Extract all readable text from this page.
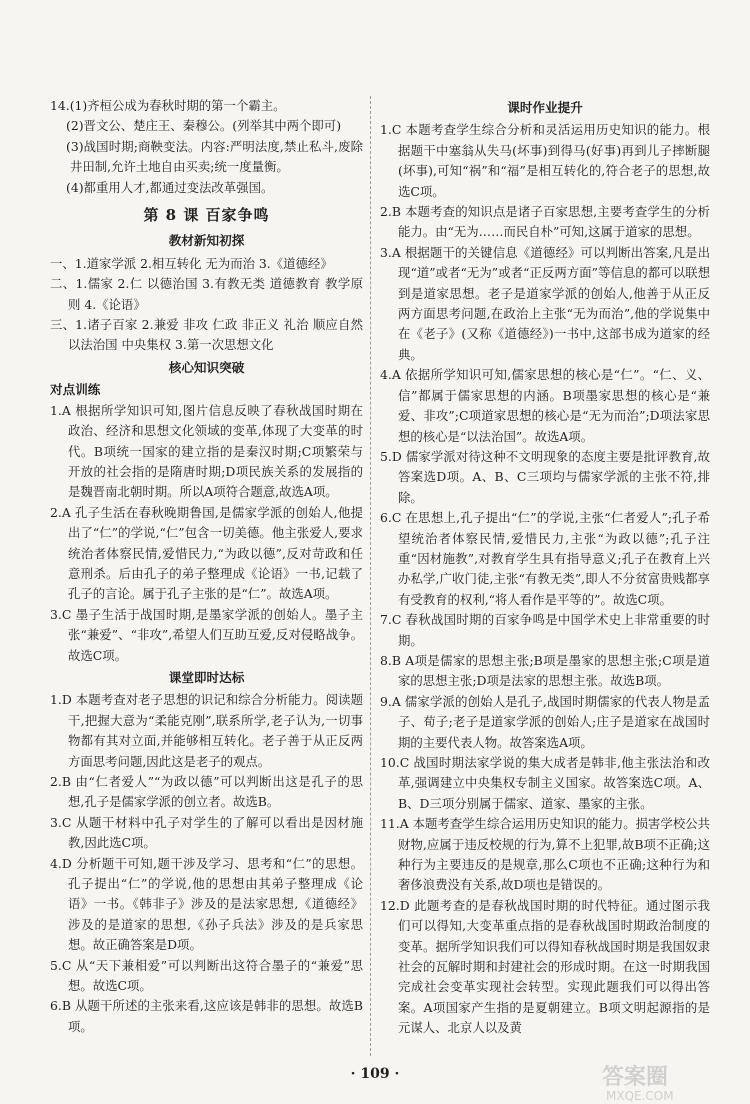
14.(1)齐桓公成为春秋时期的第一个霸主。

(2)晋文公、楚庄王、秦穆公。(列举其中两个即可)

(3)战国时期;商鞅变法。内容:严明法度,禁止私斗,废除井田制,允许土地自由买卖;统一度量衡。

(4)都重用人才,都通过变法改革强国。

第 8 课 百家争鸣
教材新知初探

一、1.道家学派 2.相互转化 无为而治 3.《道德经》

二、1.儒家 2.仁 以德治国 3.有教无类 道德教育 教学原则 4.《论语》

三、1.诸子百家 2.兼爱 非攻 仁政 非正义 礼治 顺应自然 以法治国 中央集权 3.第一次思想文化

核心知识突破
对点训练

1.A 根据所学知识可知,图片信息反映了春秋战国时期在政治、经济和思想文化领域的变革,体现了大变革的时代。B项统一国家的建立指的是秦汉时期;C项繁荣与开放的社会指的是隋唐时期;D项民族关系的发展指的是魏晋南北朝时期。所以A项符合题意,故选A项。

2.A 孔子生活在春秋晚期鲁国,是儒家学派的创始人,他提出了“仁”的学说,“仁”包含一切美德。他主张爱人,要求统治者体察民情,爱惜民力,“为政以德”,反对苛政和任意刑杀。后由孔子的弟子整理成《论语》一书,记载了孔子的言论。属于孔子主张的是“仁”。故选A项。

3.C 墨子生活于战国时期,是墨家学派的创始人。墨子主张“兼爱”、“非攻”,希望人们互助互爱,反对侵略战争。故选C项。

课堂即时达标

1.D 本题考查对老子思想的识记和综合分析能力。阅读题干,把握大意为“柔能克刚”,联系所学,老子认为,一切事物都有其对立面,并能够相互转化。老子善于从正反两方面思考问题,因此这是老子的观点。

2.B 由“仁者爱人”“为政以德”可以判断出这是孔子的思想,孔子是儒家学派的创立者。故选B。

3.C 从题干材料中孔子对学生的了解可以看出是因材施教,因此选C项。

4.D 分析题干可知,题干涉及学习、思考和“仁”的思想。孔子提出“仁”的学说,他的思想由其弟子整理成《论语》一书。《韩非子》涉及的是法家思想,《道德经》涉及的是道家的思想,《孙子兵法》涉及的是兵家思想。故正确答案是D项。

5.C 从“天下兼相爱”可以判断出这符合墨子的“兼爱”思想。故选C项。

6.B 从题干所述的主张来看,这应该是韩非的思想。故选B项。

课时作业提升

1.C 本题考查学生综合分析和灵活运用历史知识的能力。根据题干中塞翁从失马(坏事)到得马(好事)再到儿子摔断腿(坏事),可知“祸”和“福”是相互转化的,符合老子的思想,故选C项。

2.B 本题考查的知识点是诸子百家思想,主要考查学生的分析能力。由“无为……而民自朴”可知,这属于道家的思想。

3.A 根据题干的关键信息《道德经》可以判断出答案,凡是出现“道”或者“无为”或者“正反两方面”等信息的都可以联想到是道家思想。老子是道家学派的创始人,他善于从正反两方面思考问题,在政治上主张“无为而治”,他的学说集中在《老子》(又称《道德经》)一书中,这部书成为道家的经典。

4.A 依据所学知识可知,儒家思想的核心是“仁”。“仁、义、信”都属于儒家思想的内涵。B项墨家思想的核心是“兼爱、非攻”;C项道家思想的核心是“无为而治”;D项法家思想的核心是“以法治国”。故选A项。

5.D 儒家学派对待这种不文明现象的态度主要是批评教育,故答案选D项。A、B、C三项均与儒家学派的主张不符,排除。

6.C 在思想上,孔子提出“仁”的学说,主张“仁者爱人”;孔子希望统治者体察民情,爱惜民力,主张“为政以德”;孔子注重“因材施教”,对教育学生具有指导意义;孔子在教育上兴办私学,广收门徒,主张“有教无类”,即人不分贫富贵贱都享有受教育的权利,“将人看作是平等的”。故选C项。

7.C 春秋战国时期的百家争鸣是中国学术史上非常重要的时期。

8.B A项是儒家的思想主张;B项是墨家的思想主张;C项是道家的思想主张;D项是法家的思想主张。故选B项。

9.A 儒家学派的创始人是孔子,战国时期儒家的代表人物是孟子、荀子;老子是道家学派的创始人;庄子是道家在战国时期的主要代表人物。故答案选A项。

10.C 战国时期法家学说的集大成者是韩非,他主张法治和改革,强调建立中央集权专制主义国家。故答案选C项。A、B、D三项分别属于儒家、道家、墨家的主张。

11.A 本题考查学生综合运用历史知识的能力。损害学校公共财物,应属于违反校规的行为,算不上犯罪,故B项不正确;这种行为主要违反的是规章,那么C项也不正确;这种行为和奢侈浪费没有关系,故D项也是错误的。

12.D 此题考查的是春秋战国时期的时代特征。通过图示我们可以得知,大变革重点指的是春秋战国时期政治制度的变革。据所学知识我们可以得知春秋战国时期是我国奴隶社会的瓦解时期和封建社会的形成时期。在这一时期我国完成社会变革实现社会转型。实现此题我们可以得出答案。A项国家产生指的是夏朝建立。B项文明起源指的是元谋人、北京人以及黄

· 109 ·	答案圈
MXQE.COM
